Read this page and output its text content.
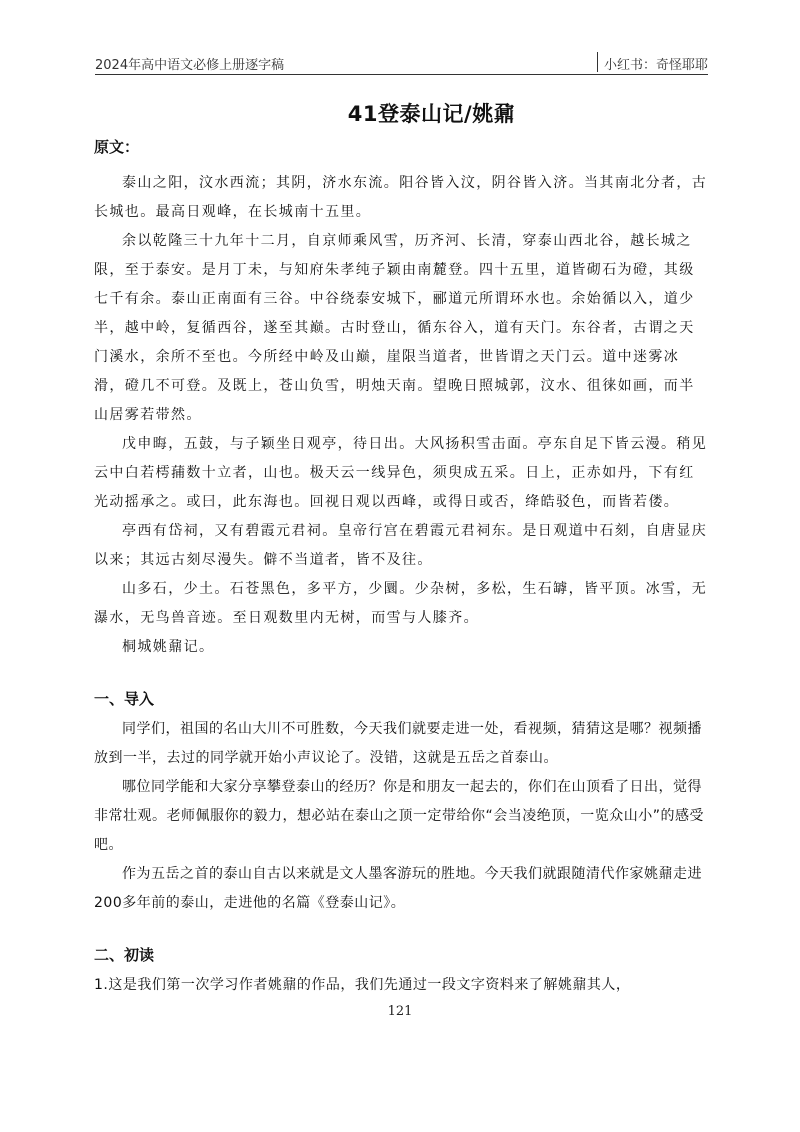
2024年高中语文必修上册逐字稿	小红书：奇怪耶耶
41登泰山记/姚鼐
原文：

泰山之阳，汶水西流；其阴，济水东流。阳谷皆入汶，阴谷皆入济。当其南北分者，古长城也。最高日观峰，在长城南十五里。

余以乾隆三十九年十二月，自京师乘风雪，历齐河、长清，穿泰山西北谷，越长城之限，至于泰安。是月丁未，与知府朱孝纯子颖由南麓登。四十五里，道皆砌石为磴，其级七千有余。泰山正南面有三谷。中谷绕泰安城下，郦道元所谓环水也。余始循以入，道少半，越中岭，复循西谷，遂至其巅。古时登山，循东谷入，道有天门。东谷者，古谓之天门溪水，余所不至也。今所经中岭及山巅，崖限当道者，世皆谓之天门云。道中迷雾冰滑，磴几不可登。及既上，苍山负雪，明烛天南。望晚日照城郭，汶水、徂徕如画，而半山居雾若带然。

戊申晦，五鼓，与子颖坐日观亭，待日出。大风扬积雪击面。亭东自足下皆云漫。稍见云中白若樗蒱数十立者，山也。极天云一线异色，须臾成五采。日上，正赤如丹，下有红光动摇承之。或曰，此东海也。回视日观以西峰，或得日或否，绛皓驳色，而皆若偻。

亭西有岱祠，又有碧霞元君祠。皇帝行宫在碧霞元君祠东。是日观道中石刻，自唐显庆以来；其远古刻尽漫失。僻不当道者，皆不及往。

山多石，少土。石苍黑色，多平方，少圜。少杂树，多松，生石罅，皆平顶。冰雪，无瀑水，无鸟兽音迹。至日观数里内无树，而雪与人膝齐。

桐城姚鼐记。

一、导入

同学们，祖国的名山大川不可胜数，今天我们就要走进一处，看视频，猜猜这是哪？视频播放到一半，去过的同学就开始小声议论了。没错，这就是五岳之首泰山。

哪位同学能和大家分享攀登泰山的经历？你是和朋友一起去的，你们在山顶看了日出，觉得非常壮观。老师佩服你的毅力，想必站在泰山之顶一定带给你“会当凌绝顶，一览众山小”的感受吧。

作为五岳之首的泰山自古以来就是文人墨客游玩的胜地。今天我们就跟随清代作家姚鼐走进200多年前的泰山，走进他的名篇《登泰山记》。

二、初读

1.这是我们第一次学习作者姚鼐的作品，我们先通过一段文字资料来了解姚鼐其人，

121
